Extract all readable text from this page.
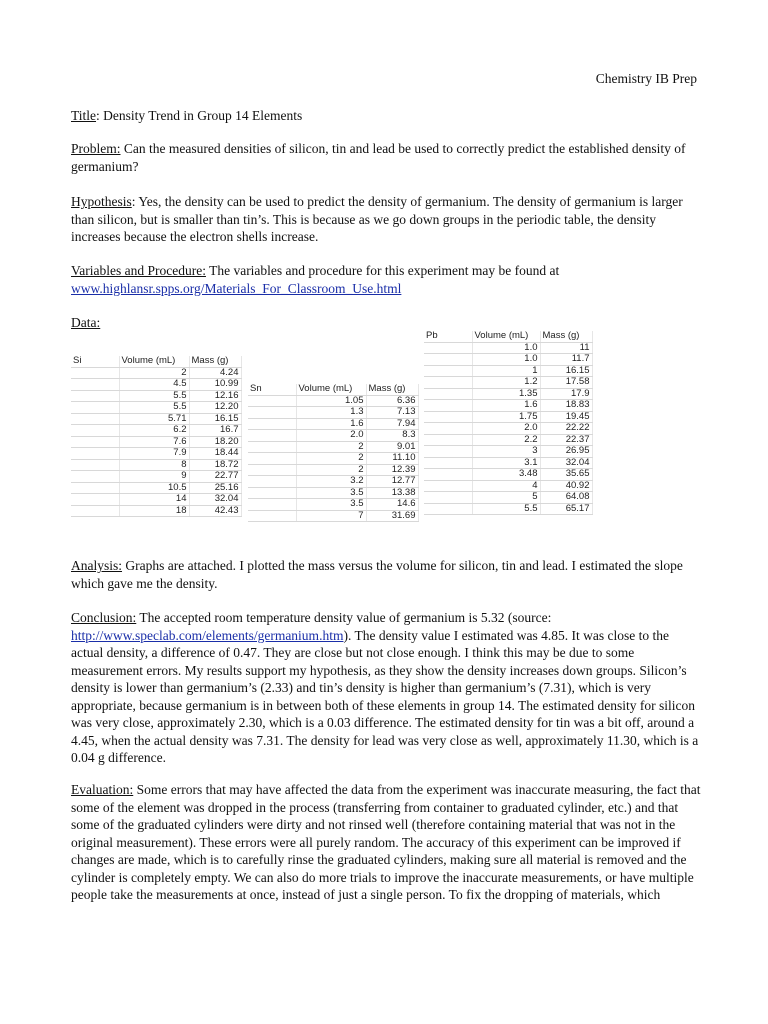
Chemistry IB Prep
Title: Density Trend in Group 14 Elements
Problem: Can the measured densities of silicon, tin and lead be used to correctly predict the established density of germanium?
Hypothesis: Yes, the density can be used to predict the density of germanium. The density of germanium is larger than silicon, but is smaller than tin’s. This is because as we go down groups in the periodic table, the density increases because the electron shells increase.
Variables and Procedure: The variables and procedure for this experiment may be found at
www.highlansr.spps.org/Materials_For_Classroom_Use.html
Data:
Si	Volume (mL)	Mass (g)
	2	4.24
	4.5	10.99
	5.5	12.16
	5.5	12.20
	5.71	16.15
	6.2	16.7
	7.6	18.20
	7.9	18.44
	8	18.72
	9	22.77
	10.5	25.16
	14	32.04
	18	42.43
Sn	Volume (mL)	Mass (g)
	1.05	6.36
	1.3	7.13
	1.6	7.94
	2.0	8.3
	2	9.01
	2	11.10
	2	12.39
	3.2	12.77
	3.5	13.38
	3.5	14.6
	7	31.69
Pb	Volume (mL)	Mass (g)
	1.0	11
	1.0	11.7
	1	16.15
	1.2	17.58
	1.35	17.9
	1.6	18.83
	1.75	19.45
	2.0	22.22
	2.2	22.37
	3	26.95
	3.1	32.04
	3.48	35.65
	4	40.92
	5	64.08
	5.5	65.17
Analysis: Graphs are attached. I plotted the mass versus the volume for silicon, tin and lead. I estimated the slope which gave me the density.
Conclusion: The accepted room temperature density value of germanium is 5.32 (source: http://www.speclab.com/elements/germanium.htm). The density value I estimated was 4.85. It was close to the actual density, a difference of 0.47. They are close but not close enough. I think this may be due to some measurement errors. My results support my hypothesis, as they show the density increases down groups. Silicon’s density is lower than germanium’s (2.33) and tin’s density is higher than germanium’s (7.31), which is very appropriate, because germanium is in between both of these elements in group 14. The estimated density for silicon was very close, approximately 2.30, which is a 0.03 difference. The estimated density for tin was a bit off, around a 4.45, when the actual density was 7.31. The density for lead was very close as well, approximately 11.30, which is a 0.04 g difference.
Evaluation: Some errors that may have affected the data from the experiment was inaccurate measuring, the fact that some of the element was dropped in the process (transferring from container to graduated cylinder, etc.) and that some of the graduated cylinders were dirty and not rinsed well (therefore containing material that was not in the original measurement). These errors were all purely random. The accuracy of this experiment can be improved if changes are made, which is to carefully rinse the graduated cylinders, making sure all material is removed and the cylinder is completely empty. We can also do more trials to improve the inaccurate measurements, or have multiple people take the measurements at once, instead of just a single person. To fix the dropping of materials, which
